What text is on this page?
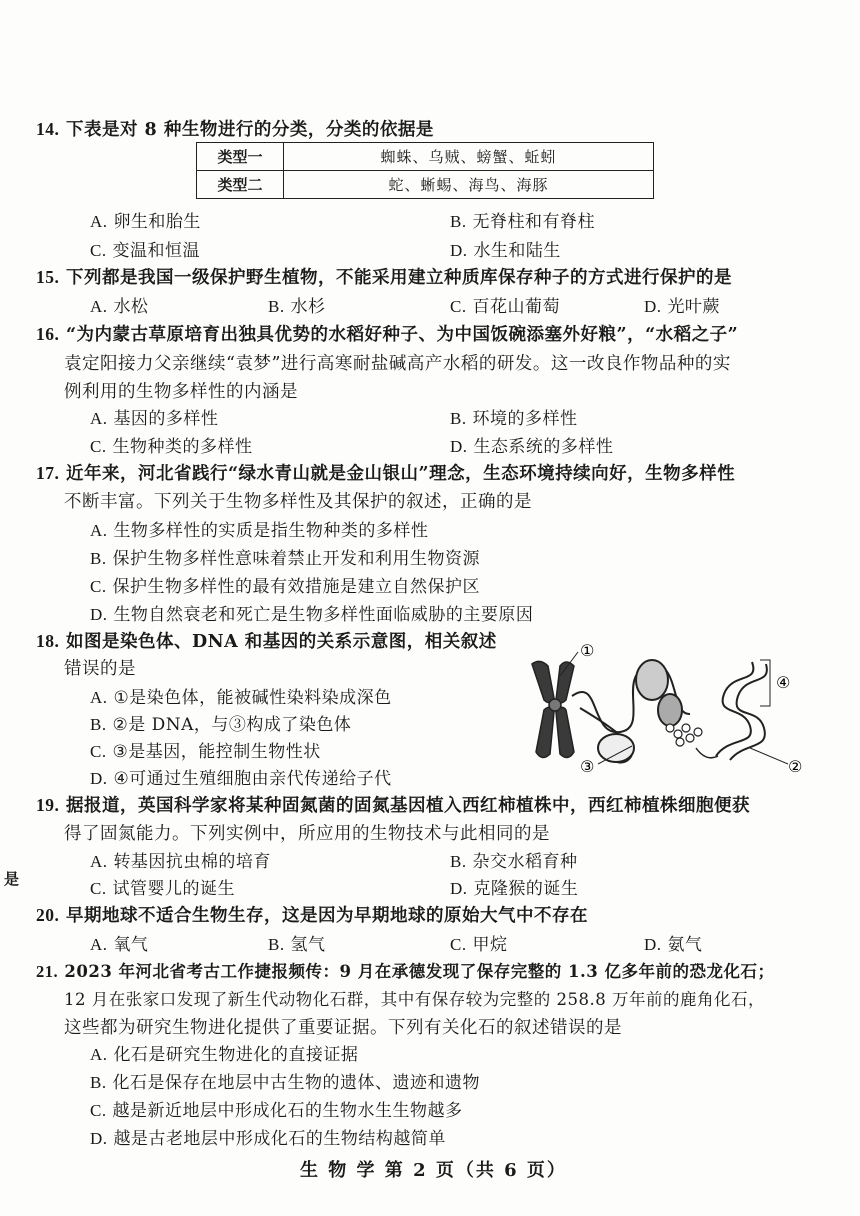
14. 下表是对 8 种生物进行的分类，分类的依据是
类型一	蜘蛛、乌贼、螃蟹、蚯蚓
类型二	蛇、蜥蜴、海鸟、海豚
A. 卵生和胎生	B. 无脊柱和有脊柱
C. 变温和恒温	D. 水生和陆生
15. 下列都是我国一级保护野生植物，不能采用建立种质库保存种子的方式进行保护的是
A. 水松	B. 水杉	C. 百花山葡萄	D. 光叶蕨
16. “为内蒙古草原培育出独具优势的水稻好种子、为中国饭碗添塞外好粮”，“水稻之子”
袁定阳接力父亲继续“袁梦”进行高寒耐盐碱高产水稻的研发。这一改良作物品种的实
例利用的生物多样性的内涵是
A. 基因的多样性	B. 环境的多样性
C. 生物种类的多样性	D. 生态系统的多样性
17. 近年来，河北省践行“绿水青山就是金山银山”理念，生态环境持续向好，生物多样性
不断丰富。下列关于生物多样性及其保护的叙述，正确的是
A. 生物多样性的实质是指生物种类的多样性
B. 保护生物多样性意味着禁止开发和利用生物资源
C. 保护生物多样性的最有效措施是建立自然保护区
D. 生物自然衰老和死亡是生物多样性面临威胁的主要原因
18. 如图是染色体、DNA 和基因的关系示意图，相关叙述
错误的是
A. ①是染色体，能被碱性染料染成深色
B. ②是 DNA，与③构成了染色体
C. ③是基因，能控制生物性状
D. ④可通过生殖细胞由亲代传递给子代
①
②
③
④
19. 据报道，英国科学家将某种固氮菌的固氮基因植入西红柿植株中，西红柿植株细胞便获
得了固氮能力。下列实例中，所应用的生物技术与此相同的是
A. 转基因抗虫棉的培育	B. 杂交水稻育种
C. 试管婴儿的诞生	D. 克隆猴的诞生
是
20. 早期地球不适合生物生存，这是因为早期地球的原始大气中不存在
A. 氧气	B. 氢气	C. 甲烷	D. 氨气
21. 2023 年河北省考古工作捷报频传：9 月在承德发现了保存完整的 1.3 亿多年前的恐龙化石；
12 月在张家口发现了新生代动物化石群，其中有保存较为完整的 258.8 万年前的鹿角化石，
这些都为研究生物进化提供了重要证据。下列有关化石的叙述错误的是
A. 化石是研究生物进化的直接证据
B. 化石是保存在地层中古生物的遗体、遗迹和遗物
C. 越是新近地层中形成化石的生物水生生物越多
D. 越是古老地层中形成化石的生物结构越简单
生 物 学 第 2 页（共 6 页）
